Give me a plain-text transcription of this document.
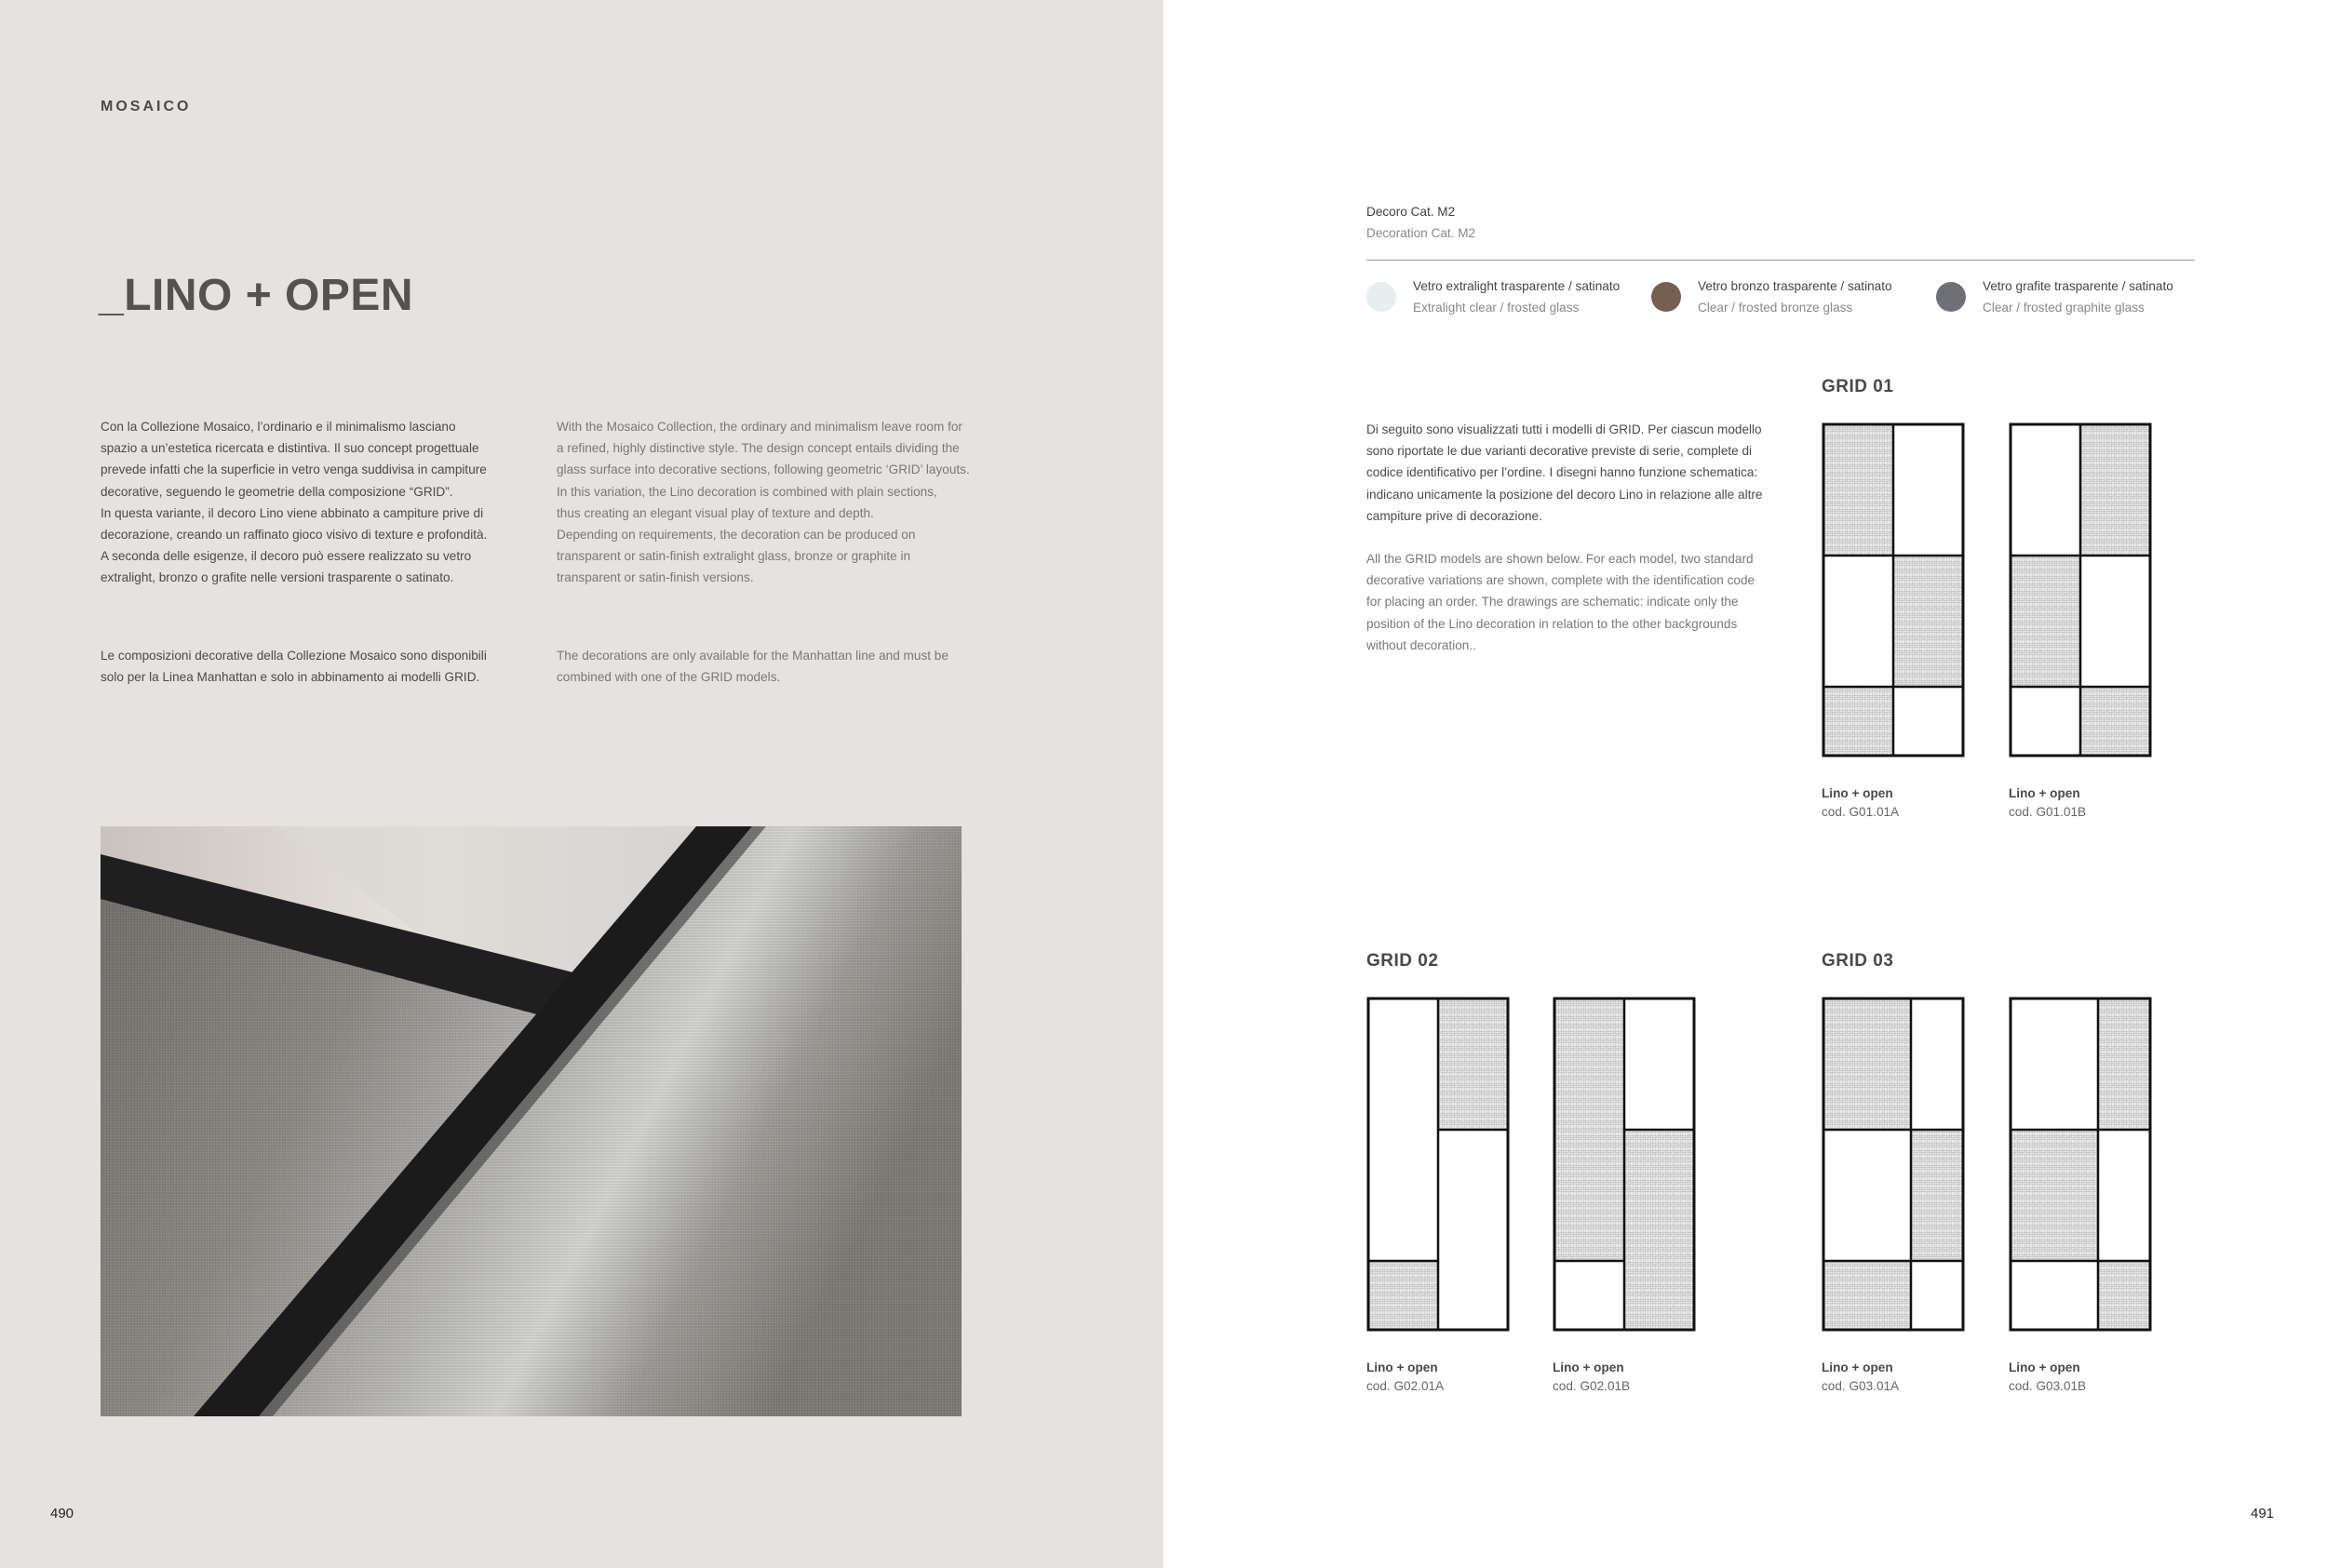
MOSAICO
_LINO + OPEN
Con la Collezione Mosaico, l’ordinario e il minimalismo lasciano
spazio a un’estetica ricercata e distintiva. Il suo concept progettuale
prevede infatti che la superficie in vetro venga suddivisa in campiture
decorative, seguendo le geometrie della composizione “GRID”.
In questa variante, il decoro Lino viene abbinato a campiture prive di
decorazione, creando un raffinato gioco visivo di texture e profondità.
A seconda delle esigenze, il decoro può essere realizzato su vetro
extralight, bronzo o grafite nelle versioni trasparente o satinato.
With the Mosaico Collection, the ordinary and minimalism leave room for
a refined, highly distinctive style. The design concept entails dividing the
glass surface into decorative sections, following geometric ‘GRID’ layouts.
In this variation, the Lino decoration is combined with plain sections,
thus creating an elegant visual play of texture and depth.
Depending on requirements, the decoration can be produced on
transparent or satin-finish extralight glass, bronze or graphite in
transparent or satin-finish versions.
Le composizioni decorative della Collezione Mosaico sono disponibili
solo per la Linea Manhattan e solo in abbinamento ai modelli GRID.
The decorations are only available for the Manhattan line and must be
combined with one of the GRID models.
490
Decoro Cat. M2
Decoration Cat. M2
Vetro extralight trasparente / satinato
Extralight clear / frosted glass
Vetro bronzo trasparente / satinato
Clear / frosted bronze glass
Vetro grafite trasparente / satinato
Clear / frosted graphite glass
Di seguito sono visualizzati tutti i modelli di GRID. Per ciascun modello
sono riportate le due varianti decorative previste di serie, complete di
codice identificativo per l’ordine. I disegni hanno funzione schematica:
indicano unicamente la posizione del decoro Lino in relazione alle altre
campiture prive di decorazione.
All the GRID models are shown below. For each model, two standard
decorative variations are shown, complete with the identification code
for placing an order. The drawings are schematic: indicate only the
position of the Lino decoration in relation to the other backgrounds
without decoration..
GRID 01
Lino + open
cod. G01.01A
Lino + open
cod. G01.01B
GRID 02
Lino + open
cod. G02.01A
Lino + open
cod. G02.01B
GRID 03
Lino + open
cod. G03.01A
Lino + open
cod. G03.01B
491
